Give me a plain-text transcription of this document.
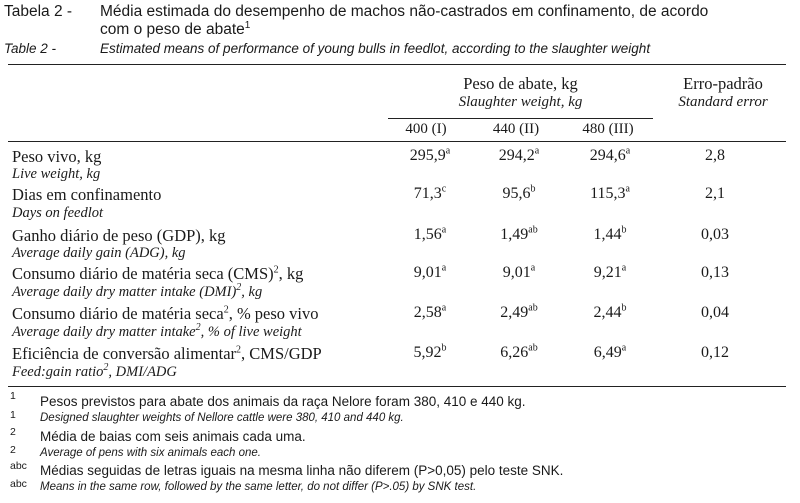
Tabela 2 - Média estimada do desempenho de machos não-castrados em confinamento, de acordo
com o peso de abate$^1$
Table 2 -	Estimated means of performance of young bulls in feedlot, according to the slaughter weight
Peso de abate, kg
Slaughter weight, kg
Erro-padrão
Standard error
400 (I)	440 (II)	480 (III)
Peso vivo, kg
Live weight, kg
295,9$^a$	294,2$^a$	294,6$^a$	2,8
Dias em confinamento
Days on feedlot
71,3$^c$	95,6$^b$	115,3$^a$	2,1
Ganho diário de peso (GDP), kg
Average daily gain (ADG), kg
1,56$^a$	1,49$^{ab}$	1,44$^b$	0,03
Consumo diário de matéria seca (CMS)$^2$, kg
Average daily dry matter intake (DMI)$^2$, kg
9,01$^a$	9,01$^a$	9,21$^a$	0,13
Consumo diário de matéria seca$^2$, % peso vivo
Average daily dry matter intake$^2$, % of live weight
2,58$^a$	2,49$^{ab}$	2,44$^b$	0,04
Eficiência de conversão alimentar$^2$, CMS/GDP
Feed:gain ratio$^2$, DMI/ADG
5,92$^b$	6,26$^{ab}$	6,49$^a$	0,12
1 Pesos previstos para abate dos animais da raça Nelore foram 380, 410 e 440 kg.
1 Designed slaughter weights of Nellore cattle were 380, 410 and 440 kg.
2 Média de baias com seis animais cada uma.
2 Average of pens with six animals each one.
abc Médias seguidas de letras iguais na mesma linha não diferem (P>0,05) pelo teste SNK.
abc Means in the same row, followed by the same letter, do not differ (P>.05) by SNK test.
